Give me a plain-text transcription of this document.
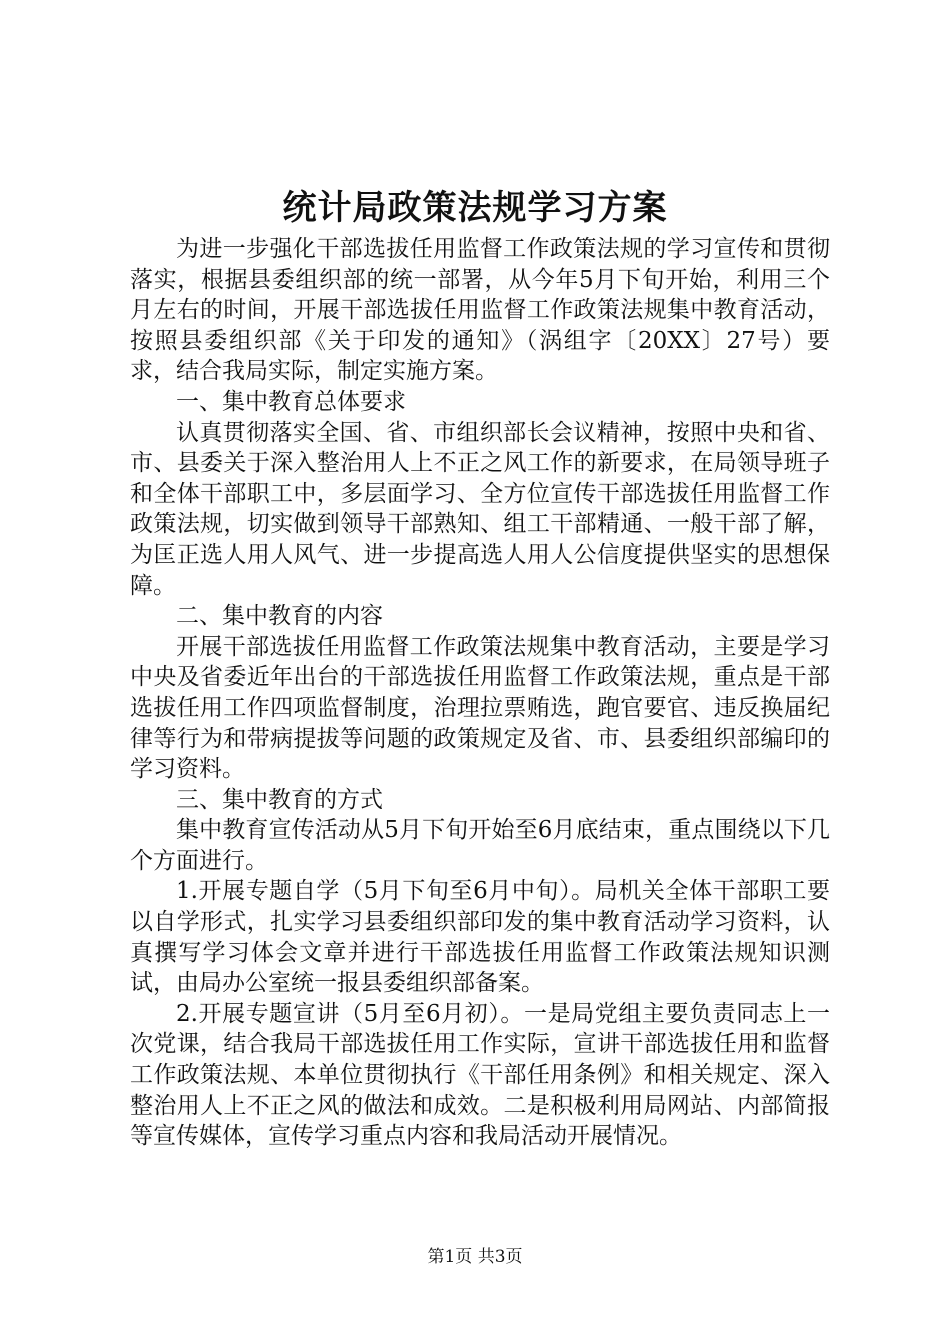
统计局政策法规学习方案

为进一步强化干部选拔任用监督工作政策法规的学习宣传和贯彻落实，根据县委组织部的统一部署，从今年5月下旬开始，利用三个月左右的时间，开展干部选拔任用监督工作政策法规集中教育活动，按照县委组织部《关于印发的通知》（涡组字〔20XX〕27号）要求，结合我局实际，制定实施方案。

一、集中教育总体要求

认真贯彻落实全国、省、市组织部长会议精神，按照中央和省、市、县委关于深入整治用人上不正之风工作的新要求，在局领导班子和全体干部职工中，多层面学习、全方位宣传干部选拔任用监督工作政策法规，切实做到领导干部熟知、组工干部精通、一般干部了解，为匡正选人用人风气、进一步提高选人用人公信度提供坚实的思想保障。

二、集中教育的内容

开展干部选拔任用监督工作政策法规集中教育活动，主要是学习中央及省委近年出台的干部选拔任用监督工作政策法规，重点是干部选拔任用工作四项监督制度，治理拉票贿选，跑官要官、违反换届纪律等行为和带病提拔等问题的政策规定及省、市、县委组织部编印的学习资料。

三、集中教育的方式

集中教育宣传活动从5月下旬开始至6月底结束，重点围绕以下几个方面进行。

1.开展专题自学（5月下旬至6月中旬）。局机关全体干部职工要以自学形式，扎实学习县委组织部印发的集中教育活动学习资料，认真撰写学习体会文章并进行干部选拔任用监督工作政策法规知识测试，由局办公室统一报县委组织部备案。

2.开展专题宣讲（5月至6月初）。一是局党组主要负责同志上一次党课，结合我局干部选拔任用工作实际，宣讲干部选拔任用和监督工作政策法规、本单位贯彻执行《干部任用条例》和相关规定、深入整治用人上不正之风的做法和成效。二是积极利用局网站、内部简报等宣传媒体，宣传学习重点内容和我局活动开展情况。

第1页 共3页
